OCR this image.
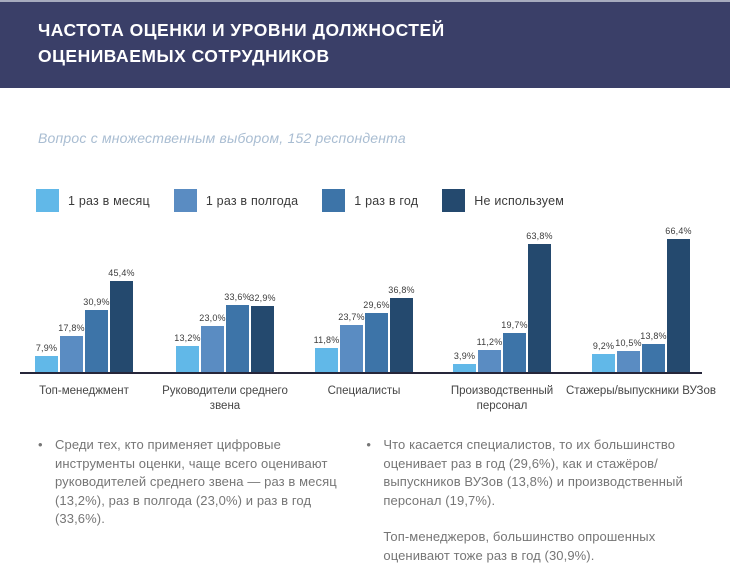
ЧАСТОТА ОЦЕНКИ И УРОВНИ ДОЛЖНОСТЕЙ
ОЦЕНИВАЕМЫХ СОТРУДНИКОВ
Вопрос с множественным выбором, 152 респондента
1 раз в месяц	1 раз в полгода	1 раз в год	Не используем
7,9%
17,8%
30,9%
45,4%
13,2%
23,0%
33,6%
32,9%
11,8%
23,7%
29,6%
36,8%
3,9%
11,2%
19,7%
63,8%
9,2% 10,5%
13,8%
66,4%
Топ-менеджмент	Руководители среднего звена
Специалисты	Производственный персонал
Стажеры/выпускники ВУЗов
• Среди тех, кто применяет цифровые инструменты оценки, чаще всего оценивают руководителей среднего звена — раз в месяц (13,2%), раз в полгода (23,0%) и раз в год (33,6%).
• Что касается специалистов, то их большинство оценивает раз в год (29,6%), как и стажёров/выпускников ВУЗов (13,8%) и производственный персонал (19,7%).
Топ-менеджеров, большинство опрошенных оценивают тоже раз в год (30,9%).
